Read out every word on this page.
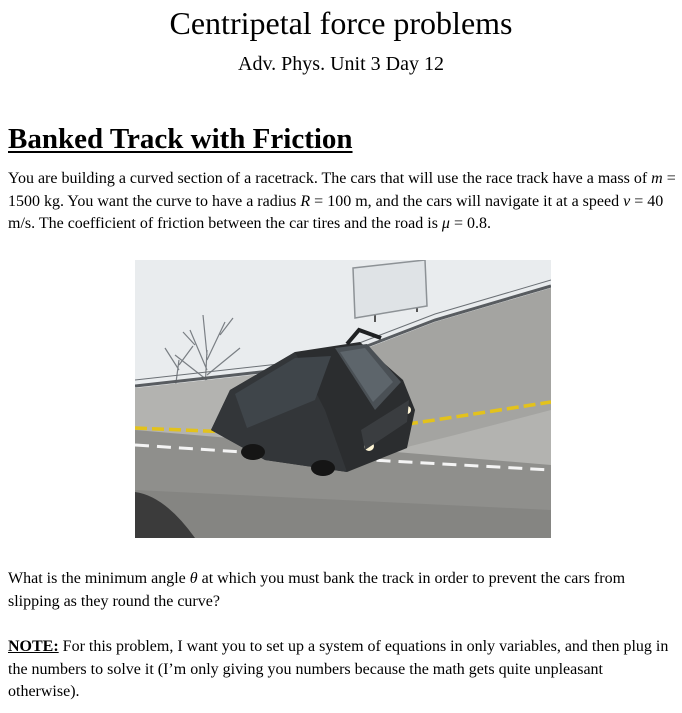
Centripetal force problems
Adv. Phys. Unit 3 Day 12
Banked Track with Friction
You are building a curved section of a racetrack. The cars that will use the race track have a mass of m = 1500 kg. You want the curve to have a radius R = 100 m, and the cars will navigate it at a speed v = 40 m/s. The coefficient of friction between the car tires and the road is μ = 0.8.
What is the minimum angle θ at which you must bank the track in order to prevent the cars from slipping as they round the curve?
NOTE: For this problem, I want you to set up a system of equations in only variables, and then plug in the numbers to solve it (I’m only giving you numbers because the math gets quite unpleasant otherwise).
